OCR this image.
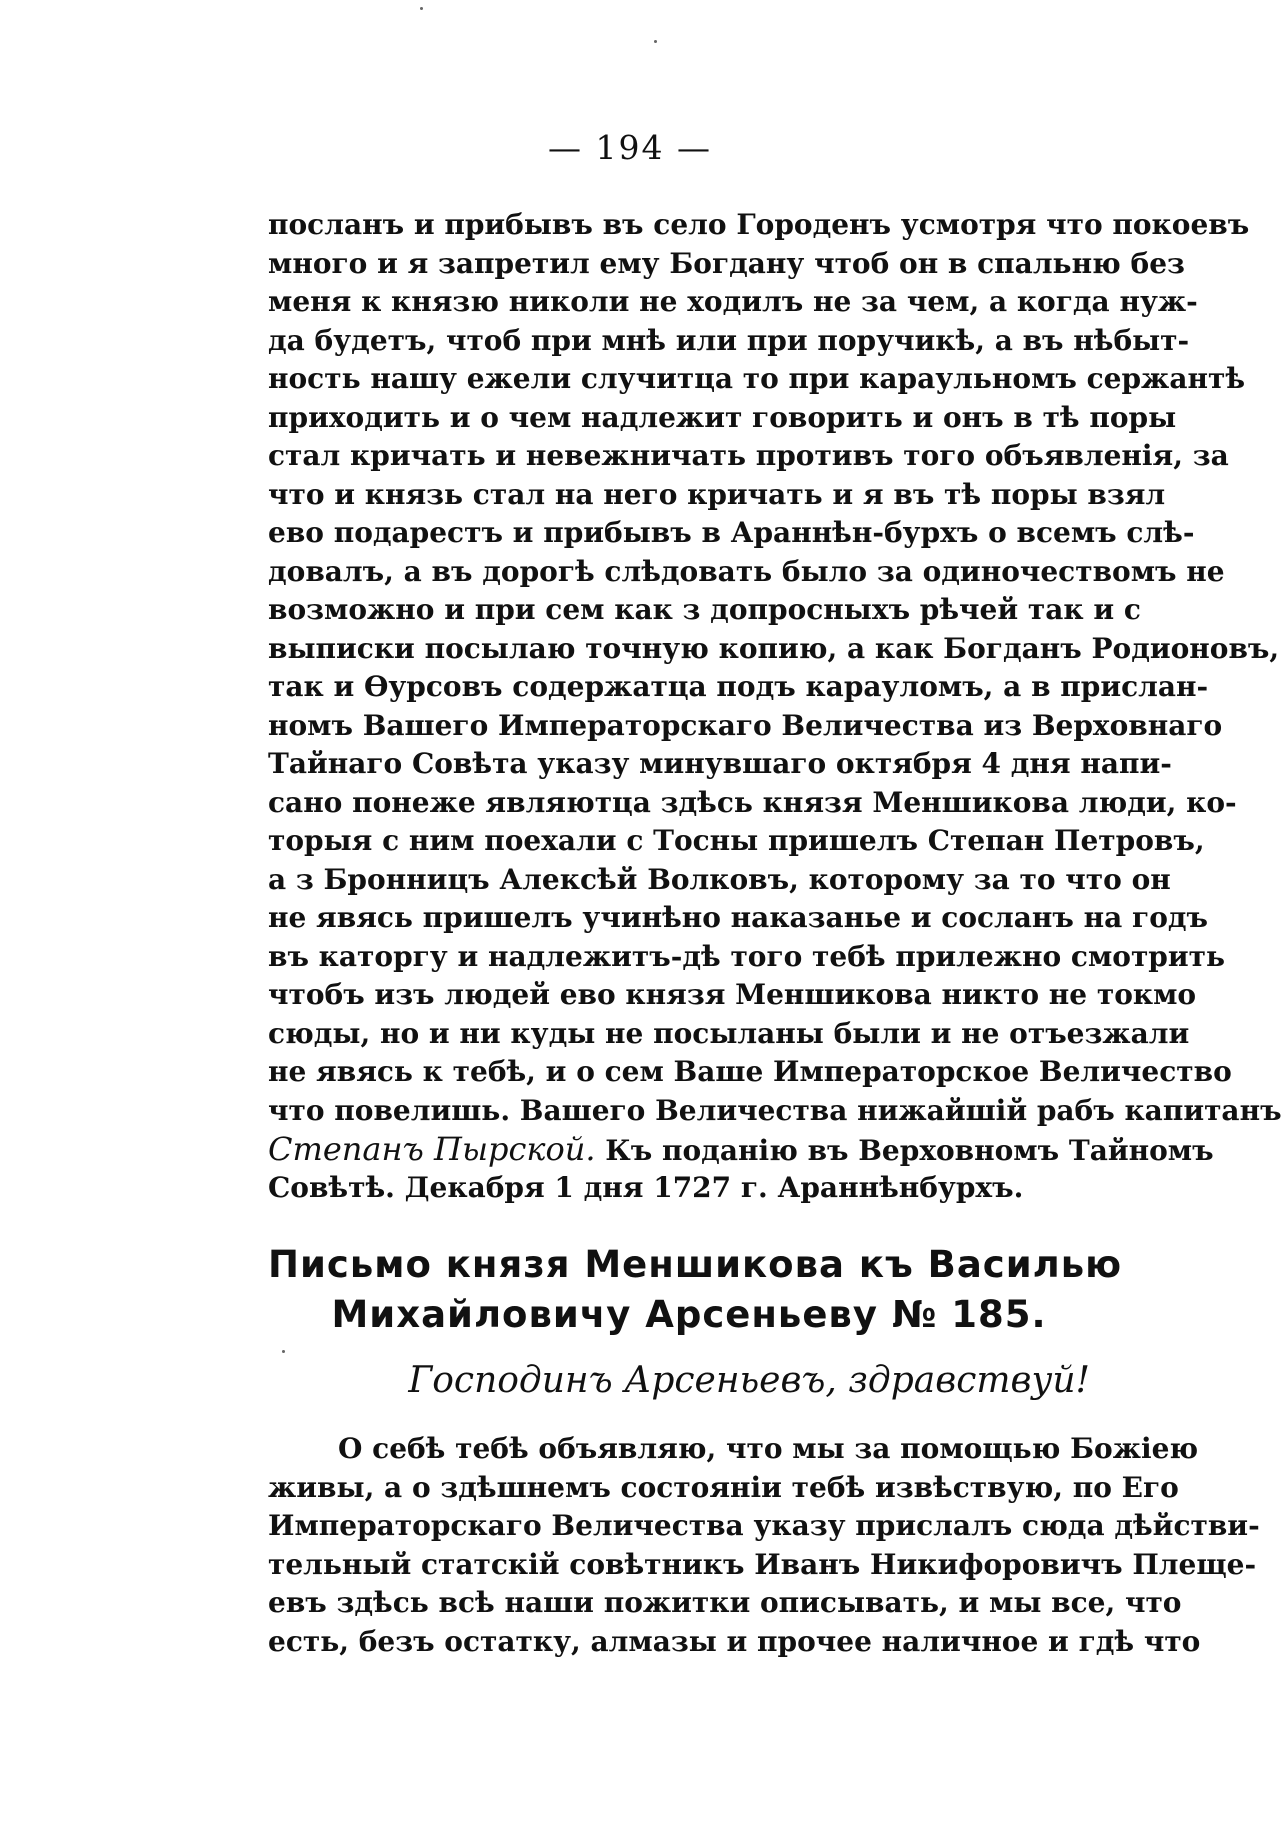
— 194 —
посланъ и прибывъ въ село Городенъ усмотря что покоевъ
много и я запретил ему Богдану чтоб он в спальню без
меня к князю николи не ходилъ не за чем, а когда нуж-
да будетъ, чтоб при мнѣ или при поручикѣ, а въ нѣбыт-
ность нашу ежели случитца то при караульномъ сержантѣ
приходить и о чем надлежит говорить и онъ в тѣ поры
стал кричать и невежничать противъ того объявленія, за
что и князь стал на него кричать и я въ тѣ поры взял
ево подарестъ и прибывъ в Араннѣн-бурхъ о всемъ слѣ-
довалъ, а въ дорогѣ слѣдовать было за одиночествомъ не
возможно и при сем как з допросныхъ рѣчей так и с
выписки посылаю точную копию, а как Богданъ Родионовъ,
так и Ѳурсовъ содержатца подъ карауломъ, а в прислан-
номъ Вашего Императорскаго Величества из Верховнаго
Тайнаго Совѣта указу минувшаго октября 4 дня напи-
сано понеже являютца здѣсь князя Меншикова люди, ко-
торыя с ним поехали с Тосны пришелъ Степан Петровъ,
а з Бронницъ Алексѣй Волковъ, которому за то что он
не явясь пришелъ учинѣно наказанье и сосланъ на годъ
въ каторгу и надлежитъ-дѣ того тебѣ прилежно смотрить
чтобъ изъ людей ево князя Меншикова никто не токмо
сюды, но и ни куды не посыланы были и не отъезжали
не явясь к тебѣ, и о сем Ваше Императорское Величество
что повелишь. Вашего Величества нижайшій рабъ капитанъ
Степанъ Пырской. Къ поданію въ Верховномъ Тайномъ
Совѣтѣ. Декабря 1 дня 1727 г. Араннѣнбурхъ.
Письмо князя Меншикова къ Василью
Михайловичу Арсеньеву № 185.
Господинъ Арсеньевъ, здравствуй!
О себѣ тебѣ объявляю, что мы за помощью Божіею
живы, а о здѣшнемъ состояніи тебѣ извѣствую, по Его
Императорскаго Величества указу прислалъ сюда дѣйстви-
тельный статскій совѣтникъ Иванъ Никифоровичъ Плеще-
евъ здѣсь всѣ наши пожитки описывать, и мы все, что
есть, безъ остатку, алмазы и прочее наличное и гдѣ что
